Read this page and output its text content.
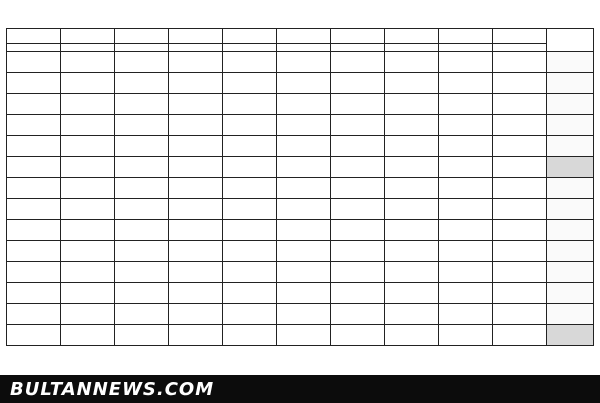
BULTANNEWS.COM
